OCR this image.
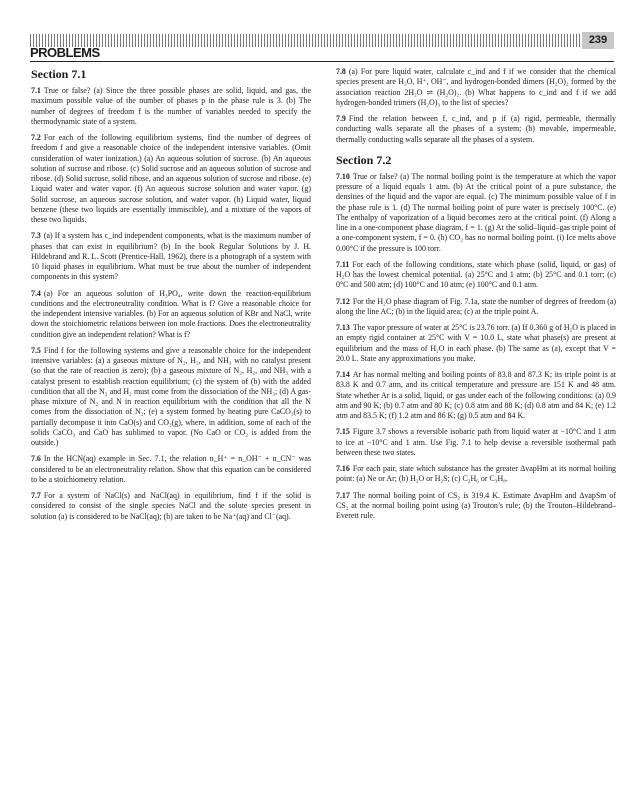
239
PROBLEMS
Section 7.1
7.1 True or false? (a) Since the three possible phases are solid, liquid, and gas, the maximum possible value of the number of phases p in the phase rule is 3. (b) The number of degrees of freedom f is the number of variables needed to specify the thermodynamic state of a system.
7.2 For each of the following equilibrium systems, find the number of degrees of freedom f and give a reasonable choice of the independent intensive variables. (Omit consideration of water ionization.) (a) An aqueous solution of sucrose. (b) An aqueous solution of sucrose and ribose. (c) Solid sucrose and an aqueous solution of sucrose and ribose. (d) Solid sucrose, solid ribose, and an aqueous solution of sucrose and ribose. (e) Liquid water and water vapor. (f) An aqueous sucrose solution and water vapor. (g) Solid sucrose, an aqueous sucrose solution, and water vapor. (h) Liquid water, liquid benzene (these two liquids are essentially immiscible), and a mixture of the vapors of these two liquids.
7.3 (a) If a system has c_ind independent components, what is the maximum number of phases that can exist in equilibrium? (b) In the book Regular Solutions by J. H. Hildebrand and R. L. Scott (Prentice-Hall, 1962), there is a photograph of a system with 10 liquid phases in equilibrium. What must be true about the number of independent components in this system?
7.4 (a) For an aqueous solution of H₃PO₄, write down the reaction-equilibrium conditions and the electroneutrality condition. What is f? Give a reasonable choice for the independent intensive variables. (b) For an aqueous solution of KBr and NaCl, write down the stoichiometric relations between ion mole fractions. Does the electroneutrality condition give an independent relation? What is f?
7.5 Find f for the following systems and give a reasonable choice for the independent intensive variables: (a) a gaseous mixture of N₂, H₂, and NH₃ with no catalyst present (so that the rate of reaction is zero); (b) a gaseous mixture of N₂, H₂, and NH₃ with a catalyst present to establish reaction equilibrium; (c) the system of (b) with the added condition that all the N₂ and H₂ must come from the dissociation of the NH₃; (d) A gas-phase mixture of N₂ and N in reaction equilibrium with the condition that all the N comes from the dissociation of N₂; (e) a system formed by heating pure CaCO₃(s) to partially decompose it into CaO(s) and CO₂(g), where, in addition, some of each of the solids CaCO₃ and CaO has sublimed to vapor. (No CaO or CO₂ is added from the outside.)
7.6 In the HCN(aq) example in Sec. 7.1, the relation n_H⁺ = n_OH⁻ + n_CN⁻ was considered to be an electroneutrality relation. Show that this equation can be considered to be a stoichiometry relation.
7.7 For a system of NaCl(s) and NaCl(aq) in equilibrium, find f if the solid is considered to consist of the single species NaCl and the solute species present in solution (a) is considered to be NaCl(aq); (b) are taken to be Na⁺(aq) and Cl⁻(aq).
7.8 (a) For pure liquid water, calculate c_ind and f if we consider that the chemical species present are H₂O, H⁺, OH⁻, and hydrogen-bonded dimers (H₂O)₂ formed by the association reaction 2H₂O ⇌ (H₂O)₂. (b) What happens to c_ind and f if we add hydrogen-bonded trimers (H₂O)₃ to the list of species?
7.9 Find the relation between f, c_ind, and p if (a) rigid, permeable, thermally conducting walls separate all the phases of a system; (b) movable, impermeable, thermally conducting walls separate all the phases of a system.
Section 7.2
7.10 True or false? (a) The normal boiling point is the temperature at which the vapor pressure of a liquid equals 1 atm. (b) At the critical point of a pure substance, the densities of the liquid and the vapor are equal. (c) The minimum possible value of f in the phase rule is 1. (d) The normal boiling point of pure water is precisely 100°C. (e) The enthalpy of vaporization of a liquid becomes zero at the critical point. (f) Along a line in a one-component phase diagram, f = 1. (g) At the solid–liquid–gas triple point of a one-component system, f = 0. (h) CO₂ has no normal boiling point. (i) Ice melts above 0.00°C if the pressure is 100 torr.
7.11 For each of the following conditions, state which phase (solid, liquid, or gas) of H₂O has the lowest chemical potential. (a) 25°C and 1 atm; (b) 25°C and 0.1 torr; (c) 0°C and 500 atm; (d) 100°C and 10 atm; (e) 100°C and 0.1 atm.
7.12 For the H₂O phase diagram of Fig. 7.1a, state the number of degrees of freedom (a) along the line AC; (b) in the liquid area; (c) at the triple point A.
7.13 The vapor pressure of water at 25°C is 23.76 torr. (a) If 0.360 g of H₂O is placed in an empty rigid container at 25°C with V = 10.0 L, state what phase(s) are present at equilibrium and the mass of H₂O in each phase. (b) The same as (a), except that V = 20.0 L. State any approximations you make.
7.14 Ar has normal melting and boiling points of 83.8 and 87.3 K; its triple point is at 83.8 K and 0.7 atm, and its critical temperature and pressure are 151 K and 48 atm. State whether Ar is a solid, liquid, or gas under each of the following conditions: (a) 0.9 atm and 90 K; (b) 0.7 atm and 80 K; (c) 0.8 atm and 88 K; (d) 0.8 atm and 84 K; (e) 1.2 atm and 83.5 K; (f) 1.2 atm and 86 K; (g) 0.5 atm and 84 K.
7.15 Figure 3.7 shows a reversible isobaric path from liquid water at −10°C and 1 atm to ice at −10°C and 1 atm. Use Fig. 7.1 to help devise a reversible isothermal path between these two states.
7.16 For each pair, state which substance has the greater ΔvapHm at its normal boiling point: (a) Ne or Ar; (b) H₂O or H₂S; (c) C₂H₆ or C₃H₈.
7.17 The normal boiling point of CS₂ is 319.4 K. Estimate ΔvapHm and ΔvapSm of CS₂ at the normal boiling point using (a) Trouton’s rule; (b) the Trouton–Hildebrand–Everett rule.
